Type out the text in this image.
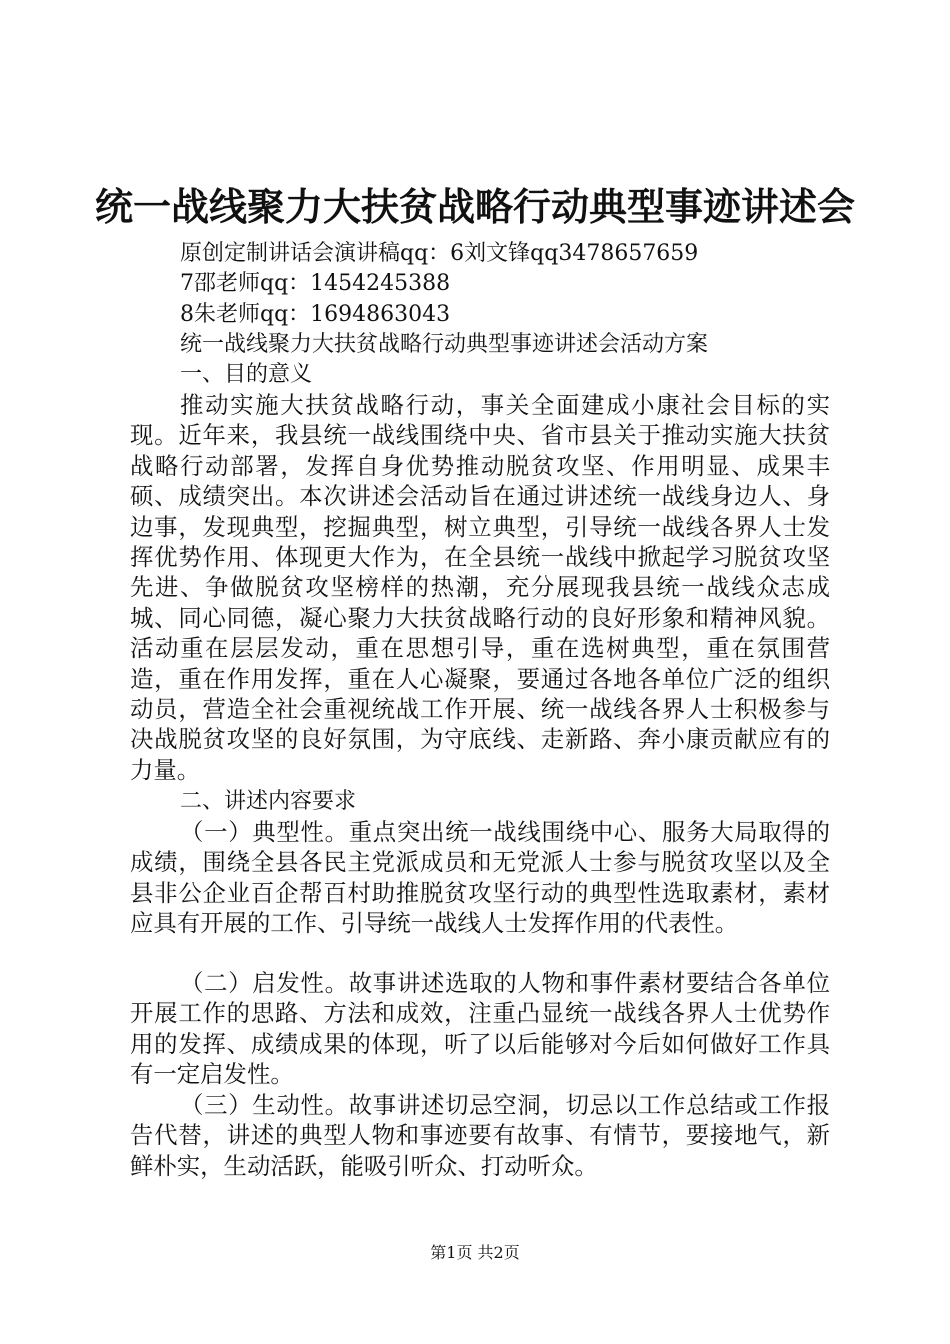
统一战线聚力大扶贫战略行动典型事迹讲述会
原创定制讲话会演讲稿qq：6刘文锋qq3478657659
7邵老师qq：1454245388
8朱老师qq：1694863043
统一战线聚力大扶贫战略行动典型事迹讲述会活动方案
一、目的意义
推动实施大扶贫战略行动，事关全面建成小康社会目标的实现。近年来，我县统一战线围绕中央、省市县关于推动实施大扶贫战略行动部署，发挥自身优势推动脱贫攻坚、作用明显、成果丰硕、成绩突出。本次讲述会活动旨在通过讲述统一战线身边人、身边事，发现典型，挖掘典型，树立典型，引导统一战线各界人士发挥优势作用、体现更大作为，在全县统一战线中掀起学习脱贫攻坚先进、争做脱贫攻坚榜样的热潮，充分展现我县统一战线众志成城、同心同德，凝心聚力大扶贫战略行动的良好形象和精神风貌。活动重在层层发动，重在思想引导，重在选树典型，重在氛围营造，重在作用发挥，重在人心凝聚，要通过各地各单位广泛的组织动员，营造全社会重视统战工作开展、统一战线各界人士积极参与决战脱贫攻坚的良好氛围，为守底线、走新路、奔小康贡献应有的力量。
二、讲述内容要求
（一）典型性。重点突出统一战线围绕中心、服务大局取得的成绩，围绕全县各民主党派成员和无党派人士参与脱贫攻坚以及全县非公企业百企帮百村助推脱贫攻坚行动的典型性选取素材，素材应具有开展的工作、引导统一战线人士发挥作用的代表性。
（二）启发性。故事讲述选取的人物和事件素材要结合各单位开展工作的思路、方法和成效，注重凸显统一战线各界人士优势作用的发挥、成绩成果的体现，听了以后能够对今后如何做好工作具有一定启发性。
（三）生动性。故事讲述切忌空洞，切忌以工作总结或工作报告代替，讲述的典型人物和事迹要有故事、有情节，要接地气，新鲜朴实，生动活跃，能吸引听众、打动听众。
第1页 共2页
